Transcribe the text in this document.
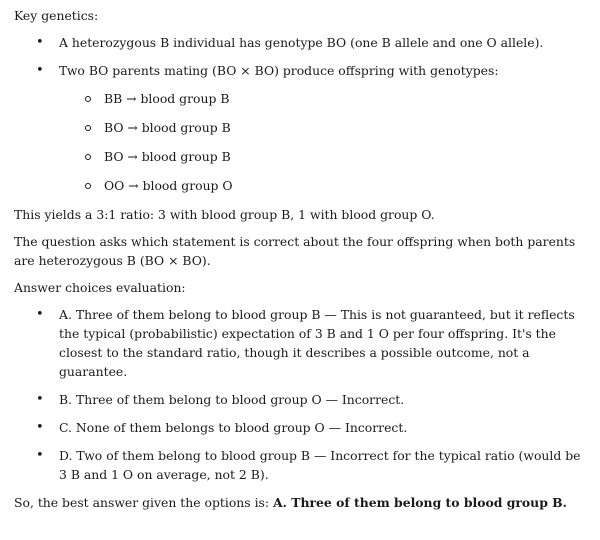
Key genetics:

• A heterozygous B individual has genotype BO (one B allele and one O allele).
• Two BO parents mating (BO × BO) produce offspring with genotypes:
BB → blood group B
BO → blood group B
BO → blood group B
OO → blood group O

This yields a 3:1 ratio: 3 with blood group B, 1 with blood group O.

The question asks which statement is correct about the four offspring when both parents are heterozygous B (BO × BO).

Answer choices evaluation:

• A. Three of them belong to blood group B — This is not guaranteed, but it reflects the typical (probabilistic) expectation of 3 B and 1 O per four offspring. It's the closest to the standard ratio, though it describes a possible outcome, not a guarantee.
• B. Three of them belong to blood group O — Incorrect.
• C. None of them belongs to blood group O — Incorrect.
• D. Two of them belong to blood group B — Incorrect for the typical ratio (would be 3 B and 1 O on average, not 2 B).

So, the best answer given the options is: A. Three of them belong to blood group B.
